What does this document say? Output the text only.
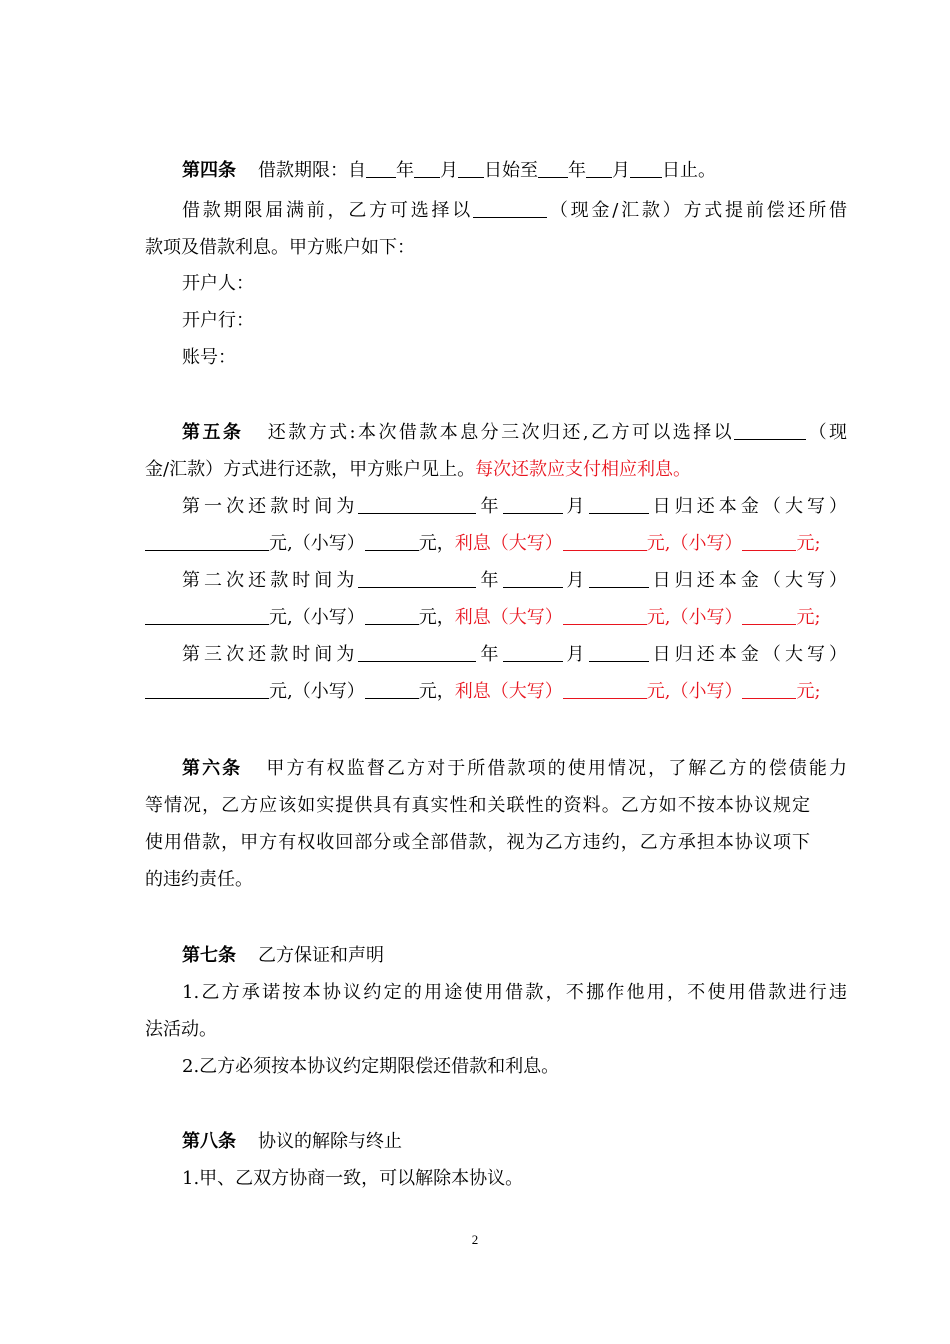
第四条 借款期限：自 年 月 日始至 年 月 日止。
借款期限届满前，乙方可选择以	（现金/汇款）方式提前偿还所借
款项及借款利息。甲方账户如下：
开户人：
开户行：
账号：
第五条 还款方式:本次借款本息分三次归还,乙方可以选择以	（现
金/汇款）方式进行还款，甲方账户见上。每次还款应支付相应利息。
第一次还款时间为	年	月	日归还本金（大写）
元,（小写）	元，利息（大写）	元,（小写）	元;
第二次还款时间为	年	月	日归还本金（大写）
元,（小写）	元，利息（大写）	元,（小写）	元;
第三次还款时间为	年	月	日归还本金（大写）
元,（小写）	元，利息（大写）	元,（小写）	元;
第六条 甲方有权监督乙方对于所借款项的使用情况，了解乙方的偿债能力
等情况，乙方应该如实提供具有真实性和关联性的资料。乙方如不按本协议规定
使用借款，甲方有权收回部分或全部借款，视为乙方违约，乙方承担本协议项下
的违约责任。
第七条 乙方保证和声明
1.乙方承诺按本协议约定的用途使用借款，不挪作他用，不使用借款进行违
法活动。
2.乙方必须按本协议约定期限偿还借款和利息。
第八条 协议的解除与终止
1.甲、乙双方协商一致，可以解除本协议。
2
